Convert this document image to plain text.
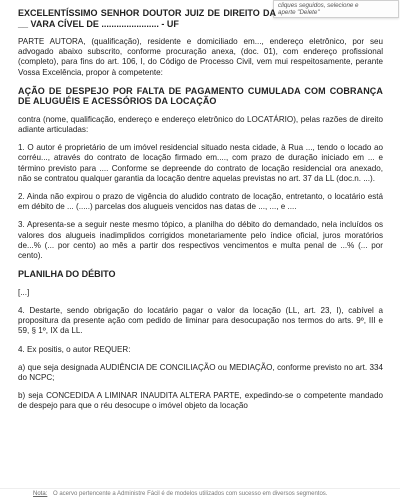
cliques seguidos, selecione e
aperte "Delete"

EXCELENTÍSSIMO SENHOR DOUTOR JUIZ DE DIREITO DA __ VARA CÍVEL DE ....................... - UF

PARTE AUTORA, (qualificação), residente e domiciliado em..., endereço eletrônico, por seu advogado abaixo subscrito, conforme procuração anexa, (doc. 01), com endereço profissional (completo), para fins do art. 106, I, do Código de Processo Civil, vem mui respeitosamente, perante Vossa Excelência, propor à competente:

AÇÃO DE DESPEJO POR FALTA DE PAGAMENTO CUMULADA COM COBRANÇA DE ALUGUÉIS E ACESSÓRIOS DA LOCAÇÃO

contra (nome, qualificação, endereço e endereço eletrônico do LOCATÁRIO), pelas razões de direito adiante articuladas:

1. O autor é proprietário de um imóvel residencial situado nesta cidade, à Rua ..., tendo o locado ao corréu..., através do contrato de locação firmado em...., com prazo de duração iniciado em ... e término previsto para .... Conforme se depreende do contrato de locação residencial ora anexado, não se contratou qualquer garantia da locação dentre aquelas previstas no art. 37 da LL (doc.n. ...).

2. Ainda não expirou o prazo de vigência do aludido contrato de locação, entretanto, o locatário está em débito de ... (.....) parcelas dos alugueis vencidos nas datas de ..., ..., e ....

3. Apresenta-se a seguir neste mesmo tópico, a planilha do débito do demandado, nela incluídos os valores dos alugueis inadimplidos corrigidos monetariamente pelo índice oficial, juros moratórios de...% (... por cento) ao mês a partir dos respectivos vencimentos e multa penal de ...% (... por cento).

PLANILHA DO DÉBITO

[...]

4. Destarte, sendo obrigação do locatário pagar o valor da locação (LL, art. 23, I), cabível a propositura da presente ação com pedido de liminar para desocupação nos termos do arts. 9º, III e 59, § 1º, IX da LL.

4. Ex positis, o autor REQUER:

a) que seja designada AUDIÊNCIA DE CONCILIAÇÃO ou MEDIAÇÃO, conforme previsto no art. 334 do NCPC;

b) seja CONCEDIDA A LIMINAR INAUDITA ALTERA PARTE, expedindo-se o competente mandado de despejo para que o réu desocupe o imóvel objeto da locação

Nota: O acervo pertencente a Administre Fácil é de modelos utilizados com sucesso em diversos segmentos.
